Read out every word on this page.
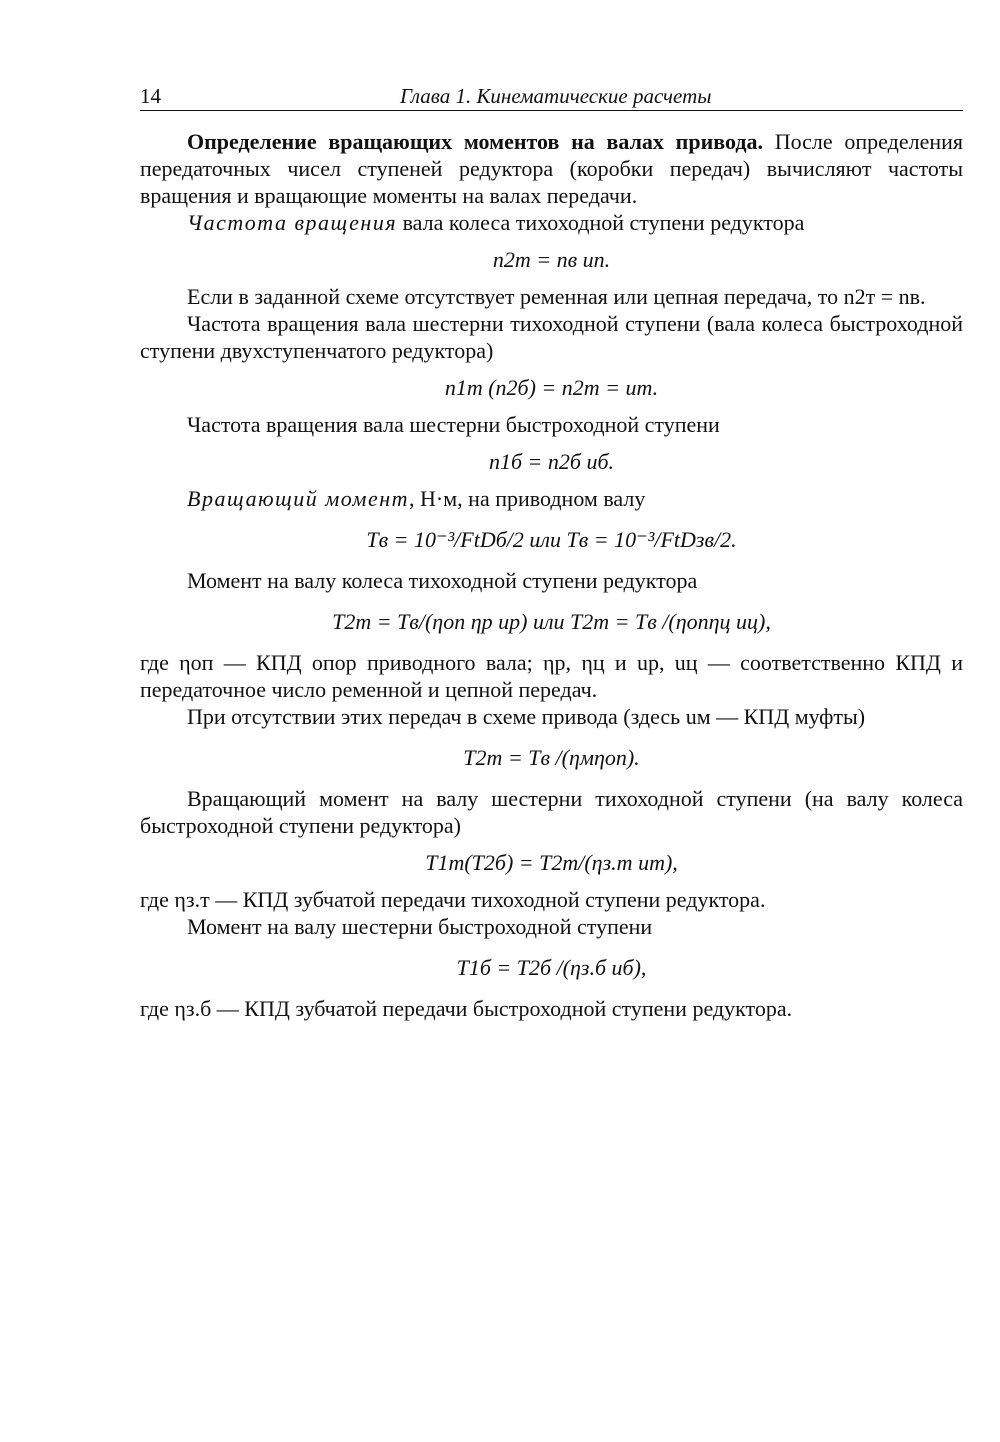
14	Глава 1. Кинематические расчеты

Определение вращающих моментов на валах привода. После определения передаточных чисел ступеней редуктора (коробки передач) вычисляют частоты вращения и вращающие моменты на валах передачи.

Частота вращения вала колеса тихоходной ступени редуктора

n2т = nв uп.

Если в заданной схеме отсутствует ременная или цепная передача, то n2т = nв.

Частота вращения вала шестерни тихоходной ступени (вала колеса быстроходной ступени двухступенчатого редуктора)

n1т (n2б) = n2т = uт.

Частота вращения вала шестерни быстроходной ступени

n1б = n2б uб.

Вращающий момент, Н·м, на приводном валу

Tв = 10⁻³/FtDб/2 или Tв = 10⁻³/FtDзв/2.

Момент на валу колеса тихоходной ступени редуктора

T2т = Tв/(ηоп ηр uр) или T2т = Tв /(ηопηц uц),

где ηоп — КПД опор приводного вала; ηр, ηц и uр, uц — соответственно КПД и передаточное число ременной и цепной передач.

При отсутствии этих передач в схеме привода (здесь uм — КПД муфты)

T2т = Tв /(ηмηоп).

Вращающий момент на валу шестерни тихоходной ступени (на валу колеса быстроходной ступени редуктора)

T1т(T2б) = T2т/(ηз.т uт),

где ηз.т — КПД зубчатой передачи тихоходной ступени редуктора.

Момент на валу шестерни быстроходной ступени

T1б = T2б /(ηз.б uб),

где ηз.б — КПД зубчатой передачи быстроходной ступени редуктора.
